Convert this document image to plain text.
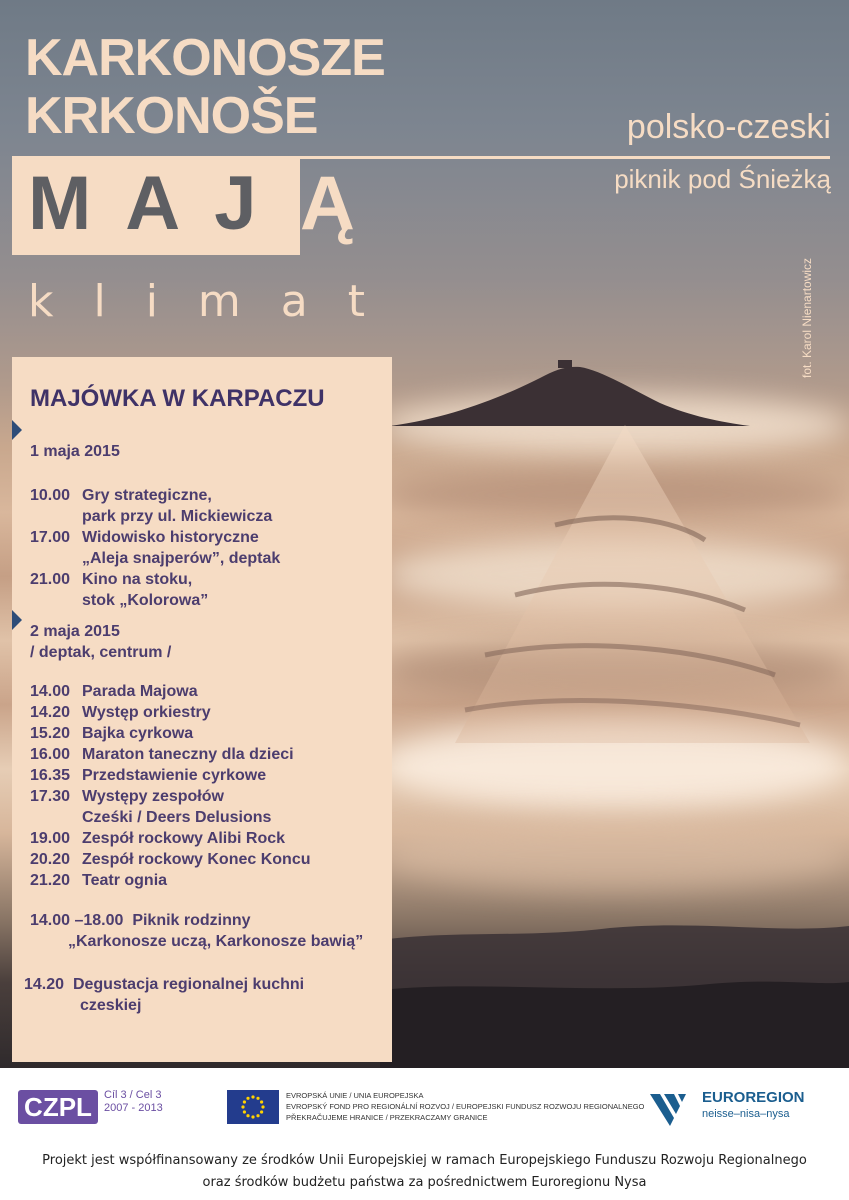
KARKONOSZE
KRKONOŠE
MAJ Ą
klimat
polsko-czeski
piknik pod Śnieżką
fot. Karol Nienartowicz
MAJÓWKA W KARPACZU
1 maja 2015
10.00 Gry strategiczne,
park przy ul. Mickiewicza
17.00 Widowisko historyczne
„Aleja snajperów”, deptak
21.00 Kino na stoku,
stok „Kolorowa”
2 maja 2015
/ deptak, centrum /
14.00 Parada Majowa
14.20 Występ orkiestry
15.20 Bajka cyrkowa
16.00 Maraton taneczny dla dzieci
16.35 Przedstawienie cyrkowe
17.30 Występy zespołów
Cześki / Deers Delusions
19.00 Zespół rockowy Alibi Rock
20.20 Zespół rockowy Konec Koncu
21.20 Teatr ognia
14.00 –18.00 Piknik rodzinny
„Karkonosze uczą, Karkonosze bawią”
14.20 Degustacja regionalnej kuchni
czeskiej
CZPL	Cíl 3 / Cel 3
2007 - 2013
EVROPSKÁ UNIE / UNIA EUROPEJSKA
EVROPSKÝ FOND PRO REGIONÁLNÍ ROZVOJ / EUROPEJSKI FUNDUSZ ROZWOJU REGIONALNEGO
PŘEKRAČUJEME HRANICE / PRZEKRACZAMY GRANICE
EUROREGION
neisse–nisa–nysa
Projekt jest współfinansowany ze środków Unii Europejskiej w ramach Europejskiego Funduszu Rozwoju Regionalnego
oraz środków budżetu państwa za pośrednictwem Euroregionu Nysa
